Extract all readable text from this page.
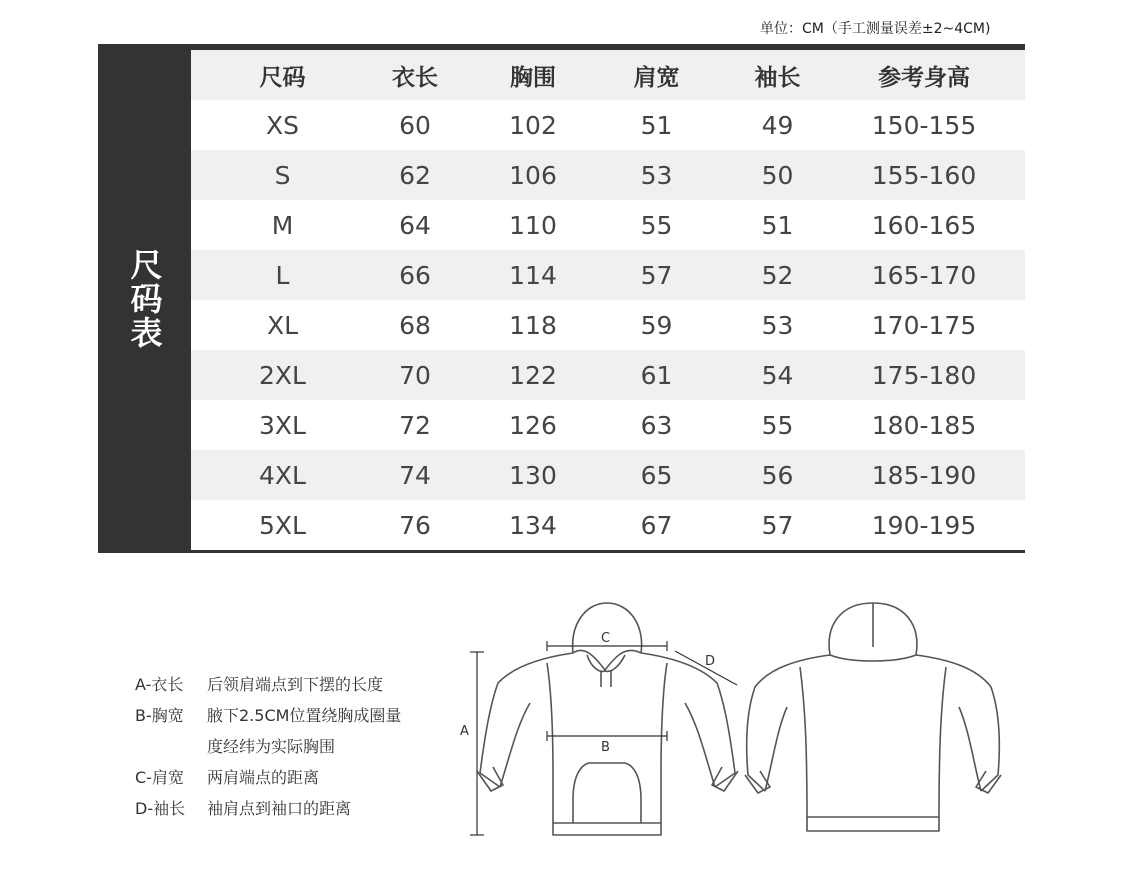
单位：CM（手工测量误差±2~4CM)
尺码表
尺码	衣长	胸围	肩宽	袖长	参考身高
XS	60	102	51	49	150-155
S	62	106	53	50	155-160
M	64	110	55	51	160-165
L	66	114	57	52	165-170
XL	68	118	59	53	170-175
2XL	70	122	61	54	175-180
3XL	72	126	63	55	180-185
4XL	74	130	65	56	185-190
5XL	76	134	67	57	190-195
A-衣长	后领肩端点到下摆的长度
B-胸宽	腋下2.5CM位置绕胸成圈量
度经纬为实际胸围
C-肩宽	两肩端点的距离
D-袖长	袖肩点到袖口的距离
A
B
C
D
